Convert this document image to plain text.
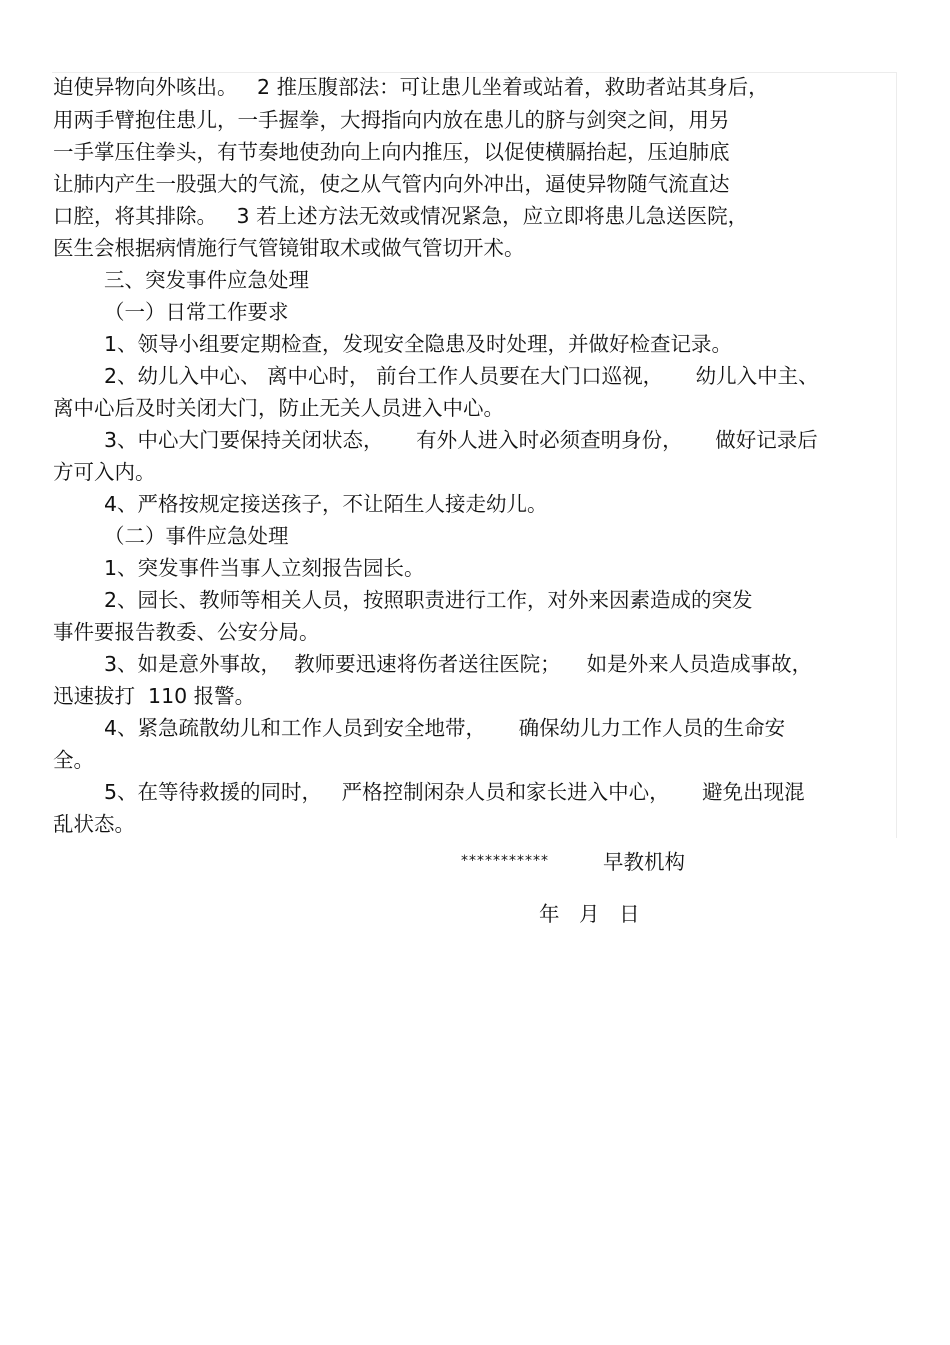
迫使异物向外咳出。   2 推压腹部法：可让患儿坐着或站着，救助者站其身后，
用两手臂抱住患儿，一手握拳，大拇指向内放在患儿的脐与剑突之间，用另
一手掌压住拳头，有节奏地使劲向上向内推压，以促使横膈抬起，压迫肺底
让肺内产生一股强大的气流，使之从气管内向外冲出，逼使异物随气流直达
口腔，将其排除。   3 若上述方法无效或情况紧急，应立即将患儿急送医院，
医生会根据病情施行气管镜钳取术或做气管切开术。
三、突发事件应急处理
（一）日常工作要求
1、领导小组要定期检查，发现安全隐患及时处理，并做好检查记录。
2、幼儿入中心、 离中心时， 前台工作人员要在大门口巡视，     幼儿入中主、
离中心后及时关闭大门，防止无关人员进入中心。
3、中心大门要保持关闭状态，     有外人进入时必须查明身份，     做好记录后
方可入内。
4、严格按规定接送孩子，不让陌生人接走幼儿。
（二）事件应急处理
1、突发事件当事人立刻报告园长。
2、园长、教师等相关人员，按照职责进行工作，对外来因素造成的突发
事件要报告教委、公安分局。
3、如是意外事故，  教师要迅速将伤者送往医院；    如是外来人员造成事故，
迅速拔打  110 报警。
4、紧急疏散幼儿和工作人员到安全地带，     确保幼儿力工作人员的生命安
全。
5、在等待救援的同时，   严格控制闲杂人员和家长进入中心，     避免出现混
乱状态。
***********	早教机构
年   月   日
